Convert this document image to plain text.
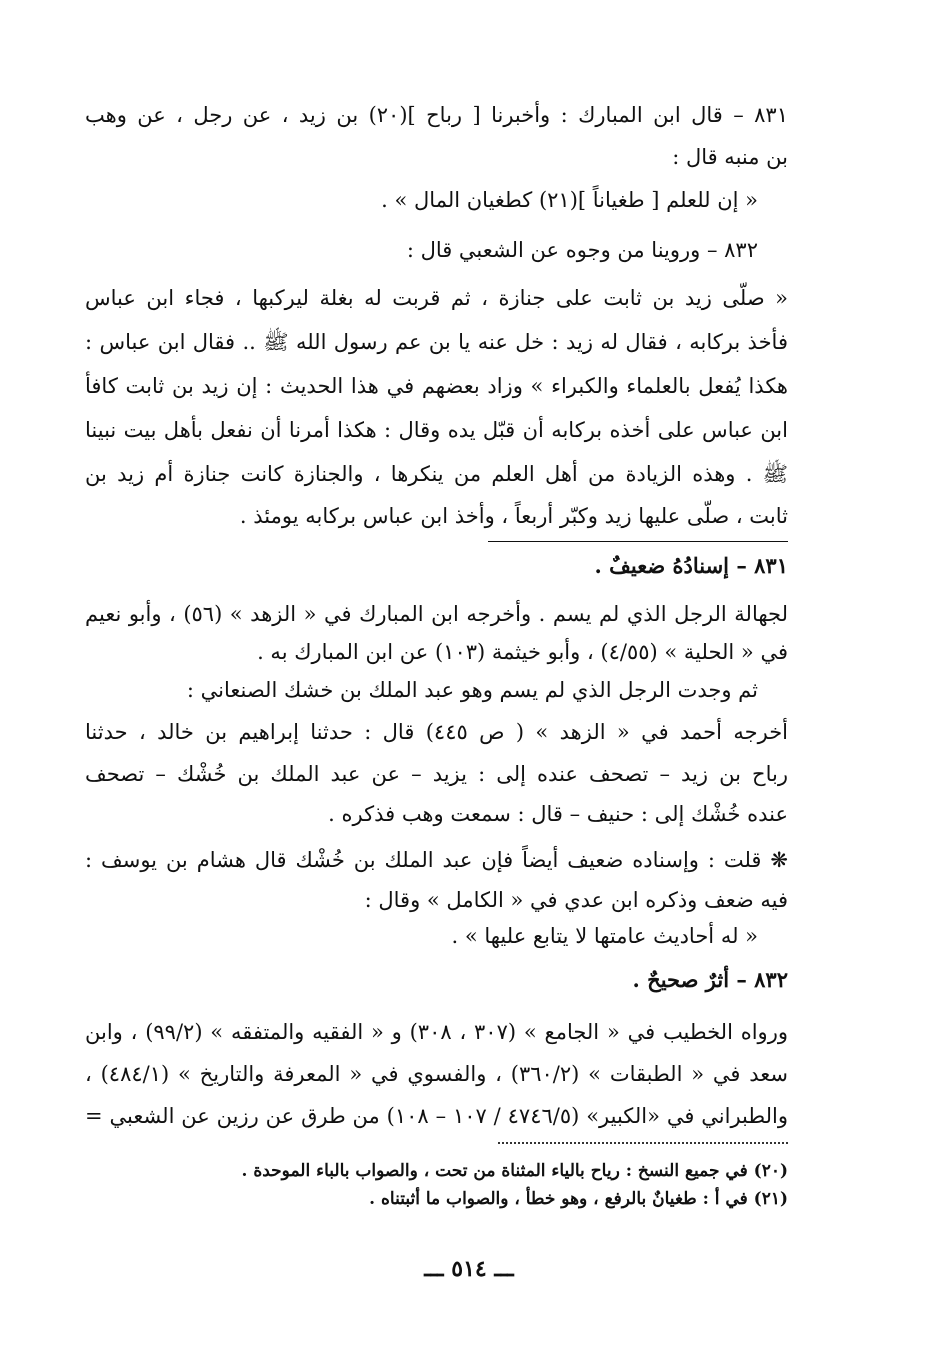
٨٣١ – قال ابن المبارك : وأخبرنا [ رباح ](٢٠) بن زيد ، عن رجل ، عن وهب
بن منبه قال :
« إن للعلم [ طغياناً ](٢١) كطغيان المال » .
٨٣٢ – وروينا من وجوه عن الشعبي قال :
« صلّى زيد بن ثابت على جنازة ، ثم قربت له بغلة ليركبها ، فجاء ابن عباس
فأخذ بركابه ، فقال له زيد : خل عنه يا بن عم رسول الله ﷺ .. فقال ابن عباس :
هكذا يُفعل بالعلماء والكبراء » وزاد بعضهم في هذا الحديث : إن زيد بن ثابت كافأ
ابن عباس على أخذه بركابه أن قبّل يده وقال : هكذا أمرنا أن نفعل بأهل بيت نبينا
ﷺ . وهذه الزيادة من أهل العلم من ينكرها ، والجنازة كانت جنازة أم زيد بن
ثابت ، صلّى عليها زيد وكبّر أربعاً ، وأخذ ابن عباس بركابه يومئذ .
٨٣١ – إسنادُهُ ضعيفٌ .
لجهالة الرجل الذي لم يسم . وأخرجه ابن المبارك في « الزهد » (٥٦) ، وأبو نعيم
في « الحلية » (٤/٥٥) ، وأبو خيثمة (١٠٣) عن ابن المبارك به .
ثم وجدت الرجل الذي لم يسم وهو عبد الملك بن خشك الصنعاني :
أخرجه أحمد في « الزهد » ( ص ٤٤٥) قال : حدثنا إبراهيم بن خالد ، حدثنا
رباح بن زيد – تصحف عنده إلى : يزيد – عن عبد الملك بن خُشْك – تصحف
عنده خُشْك إلى : حنيف – قال : سمعت وهب فذكره .
❋ قلت : وإسناده ضعيف أيضاً فإن عبد الملك بن خُشْك قال هشام بن يوسف :
فيه ضعف وذكره ابن عدي في « الكامل » وقال :
« له أحاديث عامتها لا يتابع عليها » .
٨٣٢ – أثرٌ صحيحٌ .
ورواه الخطيب في « الجامع » (٣٠٧ ، ٣٠٨) و « الفقيه والمتفقه » (٩٩/٢) ، وابن
سعد في « الطبقات » (٣٦٠/٢) ، والفسوي في « المعرفة والتاريخ » (٤٨٤/١) ،
والطبراني في «الكبير» (٤٧٤٦/٥ / ١٠٧ – ١٠٨) من طرق عن رزين عن الشعبي =
(٢٠) في جميع النسخ : رياح بالياء المثناة من تحت ، والصواب بالباء الموحدة .
(٢١) في أ : طغيانٌ بالرفع ، وهو خطأ ، والصواب ما أثبتناه .
ـــ ٥١٤ ـــ
